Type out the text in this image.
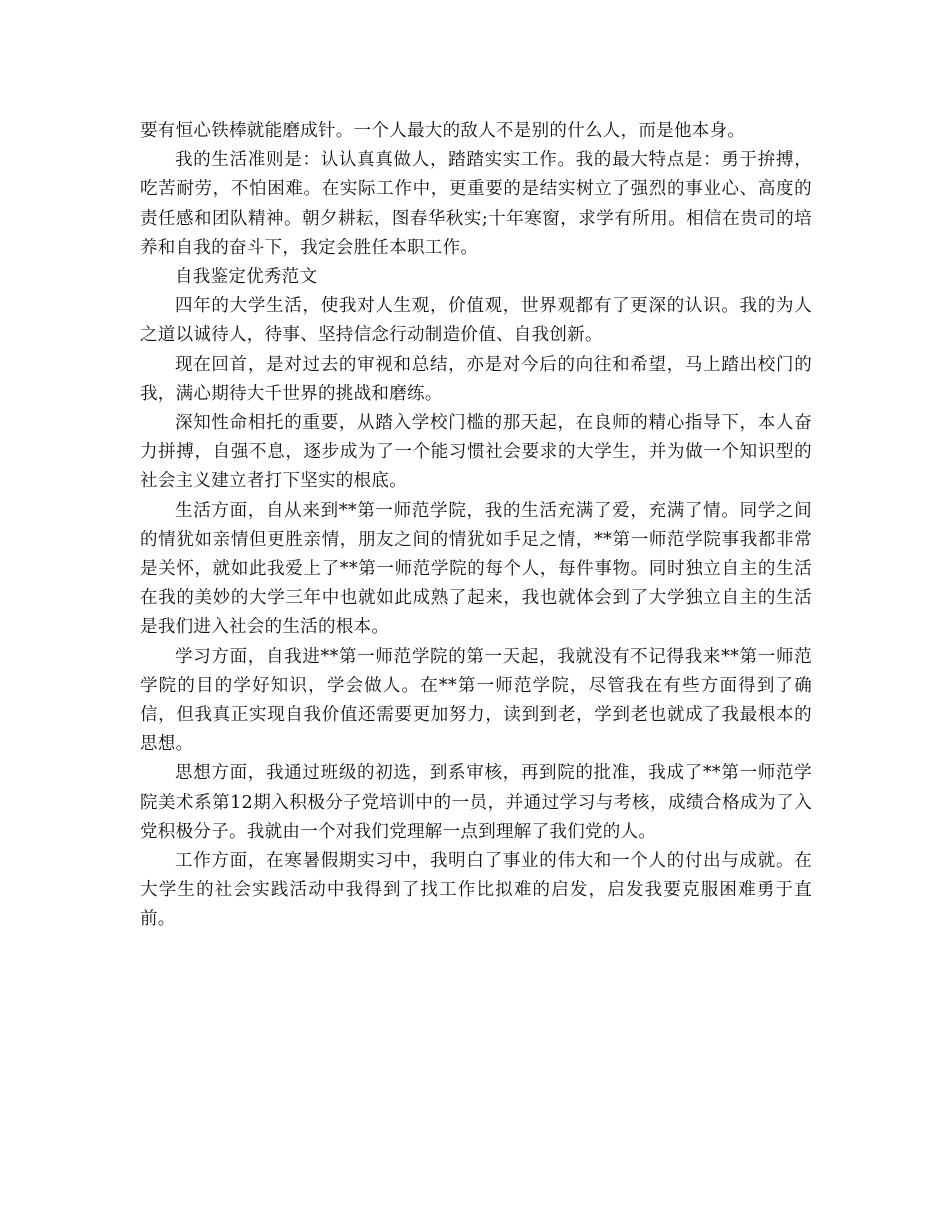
要有恒心铁棒就能磨成针。一个人最大的敌人不是别的什么人，而是他本身。

我的生活准则是：认认真真做人，踏踏实实工作。我的最大特点是：勇于拚搏，吃苦耐劳，不怕困难。在实际工作中，更重要的是结实树立了强烈的事业心、高度的责任感和团队精神。朝夕耕耘，图春华秋实;十年寒窗，求学有所用。相信在贵司的培养和自我的奋斗下，我定会胜任本职工作。

自我鉴定优秀范文

四年的大学生活，使我对人生观，价值观，世界观都有了更深的认识。我的为人之道以诚待人，待事、坚持信念行动制造价值、自我创新。

现在回首，是对过去的审视和总结，亦是对今后的向往和希望，马上踏出校门的我，满心期待大千世界的挑战和磨练。

深知性命相托的重要，从踏入学校门槛的那天起，在良师的精心指导下，本人奋力拼搏，自强不息，逐步成为了一个能习惯社会要求的大学生，并为做一个知识型的社会主义建立者打下坚实的根底。

生活方面，自从来到**第一师范学院，我的生活充满了爱，充满了情。同学之间的情犹如亲情但更胜亲情，朋友之间的情犹如手足之情，**第一师范学院事我都非常是关怀，就如此我爱上了**第一师范学院的每个人，每件事物。同时独立自主的生活在我的美妙的大学三年中也就如此成熟了起来，我也就体会到了大学独立自主的生活是我们进入社会的生活的根本。

学习方面，自我进**第一师范学院的第一天起，我就没有不记得我来**第一师范学院的目的学好知识，学会做人。在**第一师范学院，尽管我在有些方面得到了确信，但我真正实现自我价值还需要更加努力，读到到老，学到老也就成了我最根本的思想。

思想方面，我通过班级的初选，到系审核，再到院的批准，我成了**第一师范学院美术系第12期入积极分子党培训中的一员，并通过学习与考核，成绩合格成为了入党积极分子。我就由一个对我们党理解一点到理解了我们党的人。

工作方面，在寒暑假期实习中，我明白了事业的伟大和一个人的付出与成就。在大学生的社会实践活动中我得到了找工作比拟难的启发，启发我要克服困难勇于直前。
